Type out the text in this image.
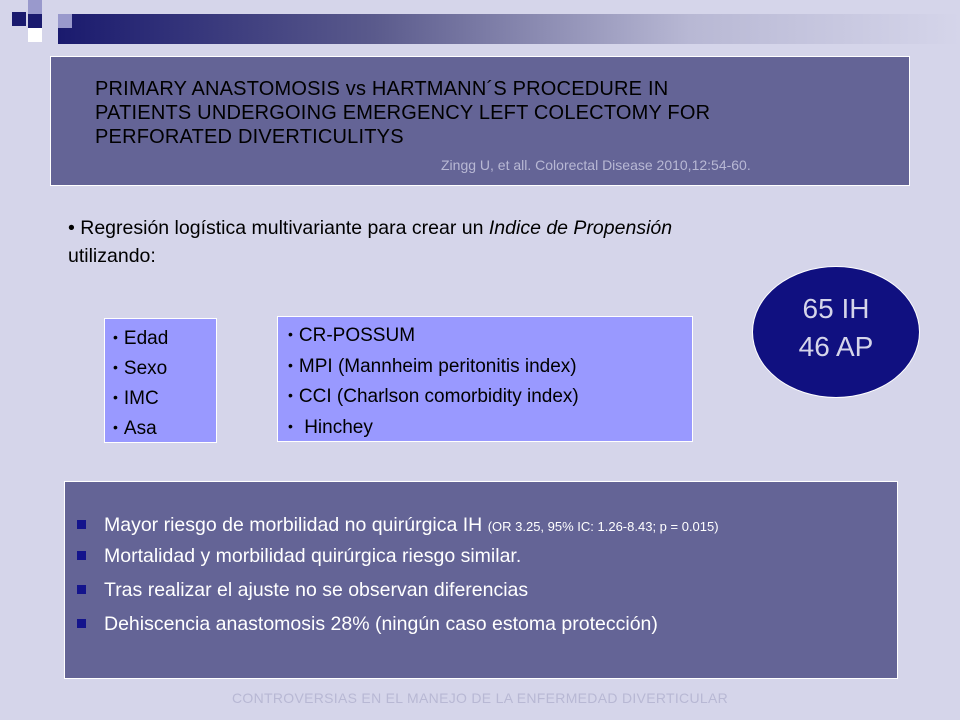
PRIMARY ANASTOMOSIS vs HARTMANN´S PROCEDURE IN
PATIENTS UNDERGOING EMERGENCY LEFT COLECTOMY FOR
PERFORATED DIVERTICULITYS
Zingg U, et all. Colorectal Disease 2010,12:54-60.
• Regresión logística multivariante para crear un Indice de Propensión utilizando:
• Edad
• Sexo
• IMC
• Asa
• CR-POSSUM
• MPI (Mannheim peritonitis index)
• CCI (Charlson comorbidity index)
• Hinchey
65 IH
46 AP
Mayor riesgo de morbilidad no quirúrgica IH (OR 3.25, 95% IC: 1.26-8.43; p = 0.015)
Mortalidad y morbilidad quirúrgica riesgo similar.
Tras realizar el ajuste no se observan diferencias
Dehiscencia anastomosis 28% (ningún caso estoma protección)
CONTROVERSIAS EN EL MANEJO DE LA ENFERMEDAD DIVERTICULAR
